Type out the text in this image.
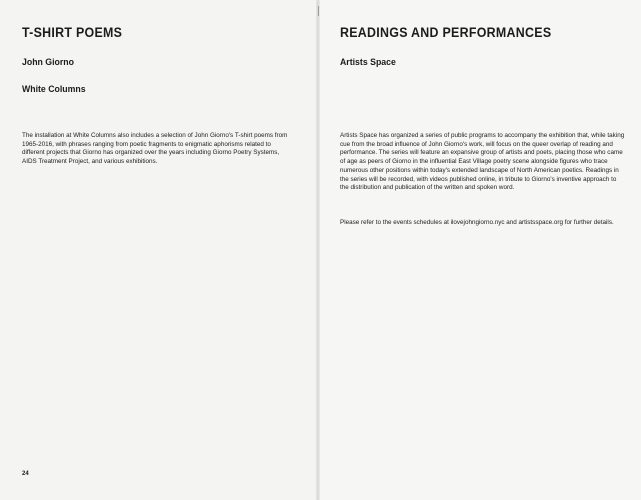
T-SHIRT POEMS
John Giorno
White Columns

The installation at White Columns also includes a selection of John Giorno's T-shirt poems from 1965-2016, with phrases ranging from poetic fragments to enigmatic aphorisms related to different projects that Giorno has organized over the years including Giorno Poetry Systems, AIDS Treatment Project, and various exhibitions.

24
READINGS AND PERFORMANCES
Artists Space

Artists Space has organized a series of public programs to accompany the exhibition that, while taking cue from the broad influence of John Giorno's work, will focus on the queer overlap of reading and performance. The series will feature an expansive group of artists and poets, placing those who came of age as peers of Giorno in the influential East Village poetry scene alongside figures who trace numerous other positions within today's extended landscape of North American poetics. Readings in the series will be recorded, with videos published online, in tribute to Giorno's inventive approach to the distribution and publication of the written and spoken word.

Please refer to the events schedules at ilovejohngiorno.nyc and artistsspace.org for further details.
